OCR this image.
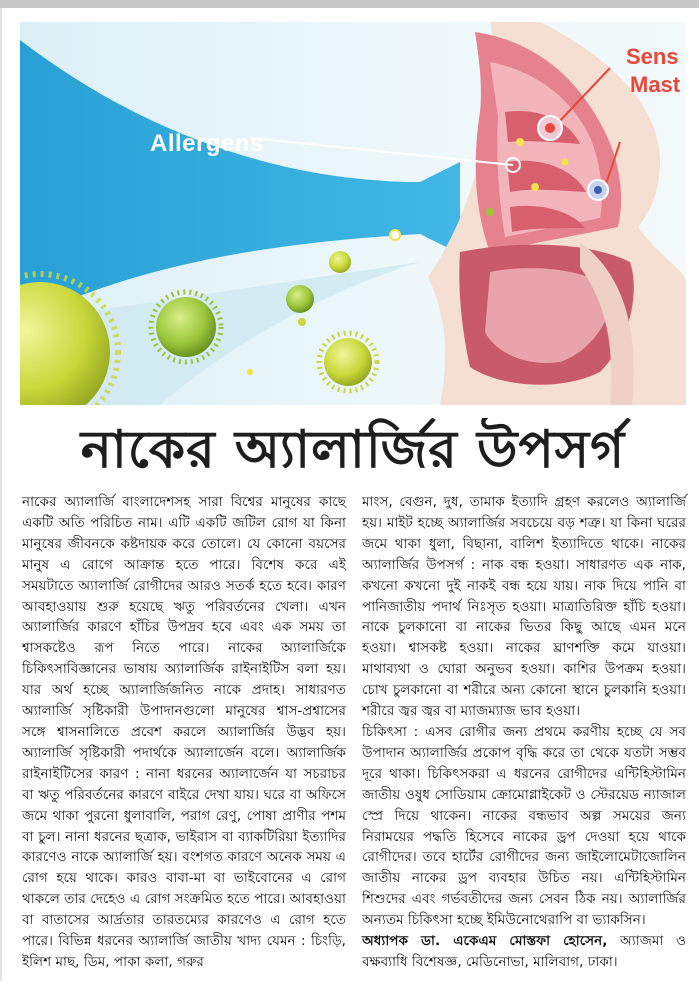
Allergens
Sens
Mast
নাকের অ্যালার্জির উপসর্গ

নাকের অ্যালার্জি বাংলাদেশসহ সারা বিশ্বের মানুষের কাছে একটি অতি পরিচিত নাম। এটি একটি জটিল রোগ যা কিনা মানুষের জীবনকে কষ্টদায়ক করে তোলে। যে কোনো বয়সের মানুষ এ রোগে আক্রান্ত হতে পারে। বিশেষ করে এই সময়টাতে অ্যালার্জি রোগীদের আরও সতর্ক হতে হবে। কারণ আবহাওয়ায় শুরু হয়েছে ঋতু পরিবর্তনের খেলা। এখন অ্যালার্জির কারণে হাঁচির উপদ্রব হবে এবং এক সময় তা শ্বাসকষ্টেও রূপ নিতে পারে। নাকের অ্যালার্জিকে চিকিৎসাবিজ্ঞানের ভাষায় অ্যালার্জিক রাইনাইটিস বলা হয়। যার অর্থ হচ্ছে অ্যালার্জিজনিত নাকে প্রদাহ। সাধারণত অ্যালার্জি সৃষ্টিকারী উপাদানগুলো মানুষের শ্বাস-প্রশ্বাসের সঙ্গে শ্বাসনালিতে প্রবেশ করলে অ্যালার্জির উদ্ভব হয়। অ্যালার্জি সৃষ্টিকারী পদার্থকে অ্যালার্জেন বলে। অ্যালার্জিক রাইনাইটিসের কারণ : নানা ধরনের অ্যালার্জেন যা সচরাচর বা ঋতু পরিবর্তনের কারণে বাইরে দেখা যায়। ঘরে বা অফিসে জমে থাকা পুরনো ধুলাবালি, পরাগ রেণু, পোষা প্রাণীর পশম বা চুল। নানা ধরনের ছত্রাক, ভাইরাস বা ব্যাকটিরিয়া ইত্যাদির কারণেও নাকে অ্যালার্জি হয়। বংশগত কারণে অনেক সময় এ রোগ হয়ে থাকে। কারও বাবা-মা বা ভাইবোনের এ রোগ থাকলে তার দেহেও এ রোগ সংক্রমিত হতে পারে। আবহাওয়া বা বাতাসের আর্দ্রতার তারতম্যের কারণেও এ রোগ হতে পারে। বিভিন্ন ধরনের অ্যালার্জি জাতীয় খাদ্য যেমন : চিংড়ি, ইলিশ মাছ, ডিম, পাকা কলা, গরুর

মাংস, বেগুন, দুধ, তামাক ইত্যাদি গ্রহণ করলেও অ্যালার্জি হয়। মাইট হচ্ছে অ্যালার্জির সবচেয়ে বড় শত্রু। যা কিনা ঘরের জমে থাকা ধুলা, বিছানা, বালিশ ইত্যাদিতে থাকে। নাকের অ্যালার্জির উপসর্গ : নাক বন্ধ হওয়া। সাধারণত এক নাক, কখনো কখনো দুই নাকই বন্ধ হয়ে যায়। নাক দিয়ে পানি বা পানিজাতীয় পদার্থ নিঃসৃত হওয়া। মাত্রাতিরিক্ত হাঁচি হওয়া। নাকে চুলকানো বা নাকের ভিতর কিছু আছে এমন মনে হওয়া। শ্বাসকষ্ট হওয়া। নাকের ঘ্রাণশক্তি কমে যাওয়া। মাথাব্যথা ও ঘোরা অনুভব হওয়া। কাশির উপক্রম হওয়া। চোখ চুলকানো বা শরীরে অন্য কোনো স্থানে চুলকানি হওয়া। শরীরে জ্বর জ্বর বা ম্যাজম্যাজ ভাব হওয়া।

চিকিৎসা : এসব রোগীর জন্য প্রথমে করণীয় হচ্ছে যে সব উপাদান অ্যালার্জির প্রকোপ বৃদ্ধি করে তা থেকে যতটা সম্ভব দূরে থাকা। চিকিৎসকরা এ ধরনের রোগীদের এন্টিহিস্টামিন জাতীয় ওষুধ সোডিয়াম ক্রোমোগ্লাইকেট ও স্টেরয়েড ন্যাজাল স্প্রে দিয়ে থাকেন। নাকের বন্ধভাব অল্প সময়ের জন্য নিরাময়ের পদ্ধতি হিসেবে নাকের ড্রপ দেওয়া হয়ে থাকে রোগীদের। তবে হার্টের রোগীদের জন্য জাইলোমেটাজোলিন জাতীয় নাকের ড্রপ ব্যবহার উচিত নয়। এন্টিহিস্টামিন শিশুদের এবং গর্ভবতীদের জন্য সেবন ঠিক নয়। অ্যালার্জির অন্যতম চিকিৎসা হচ্ছে ইমিউনোথেরাপি বা ভ্যাকসিন।

অধ্যাপক ডা. একেএম মোস্তফা হোসেন, অ্যাজমা ও বক্ষব্যাধি বিশেষজ্ঞ, মেডিনোভা, মালিবাগ, ঢাকা।
